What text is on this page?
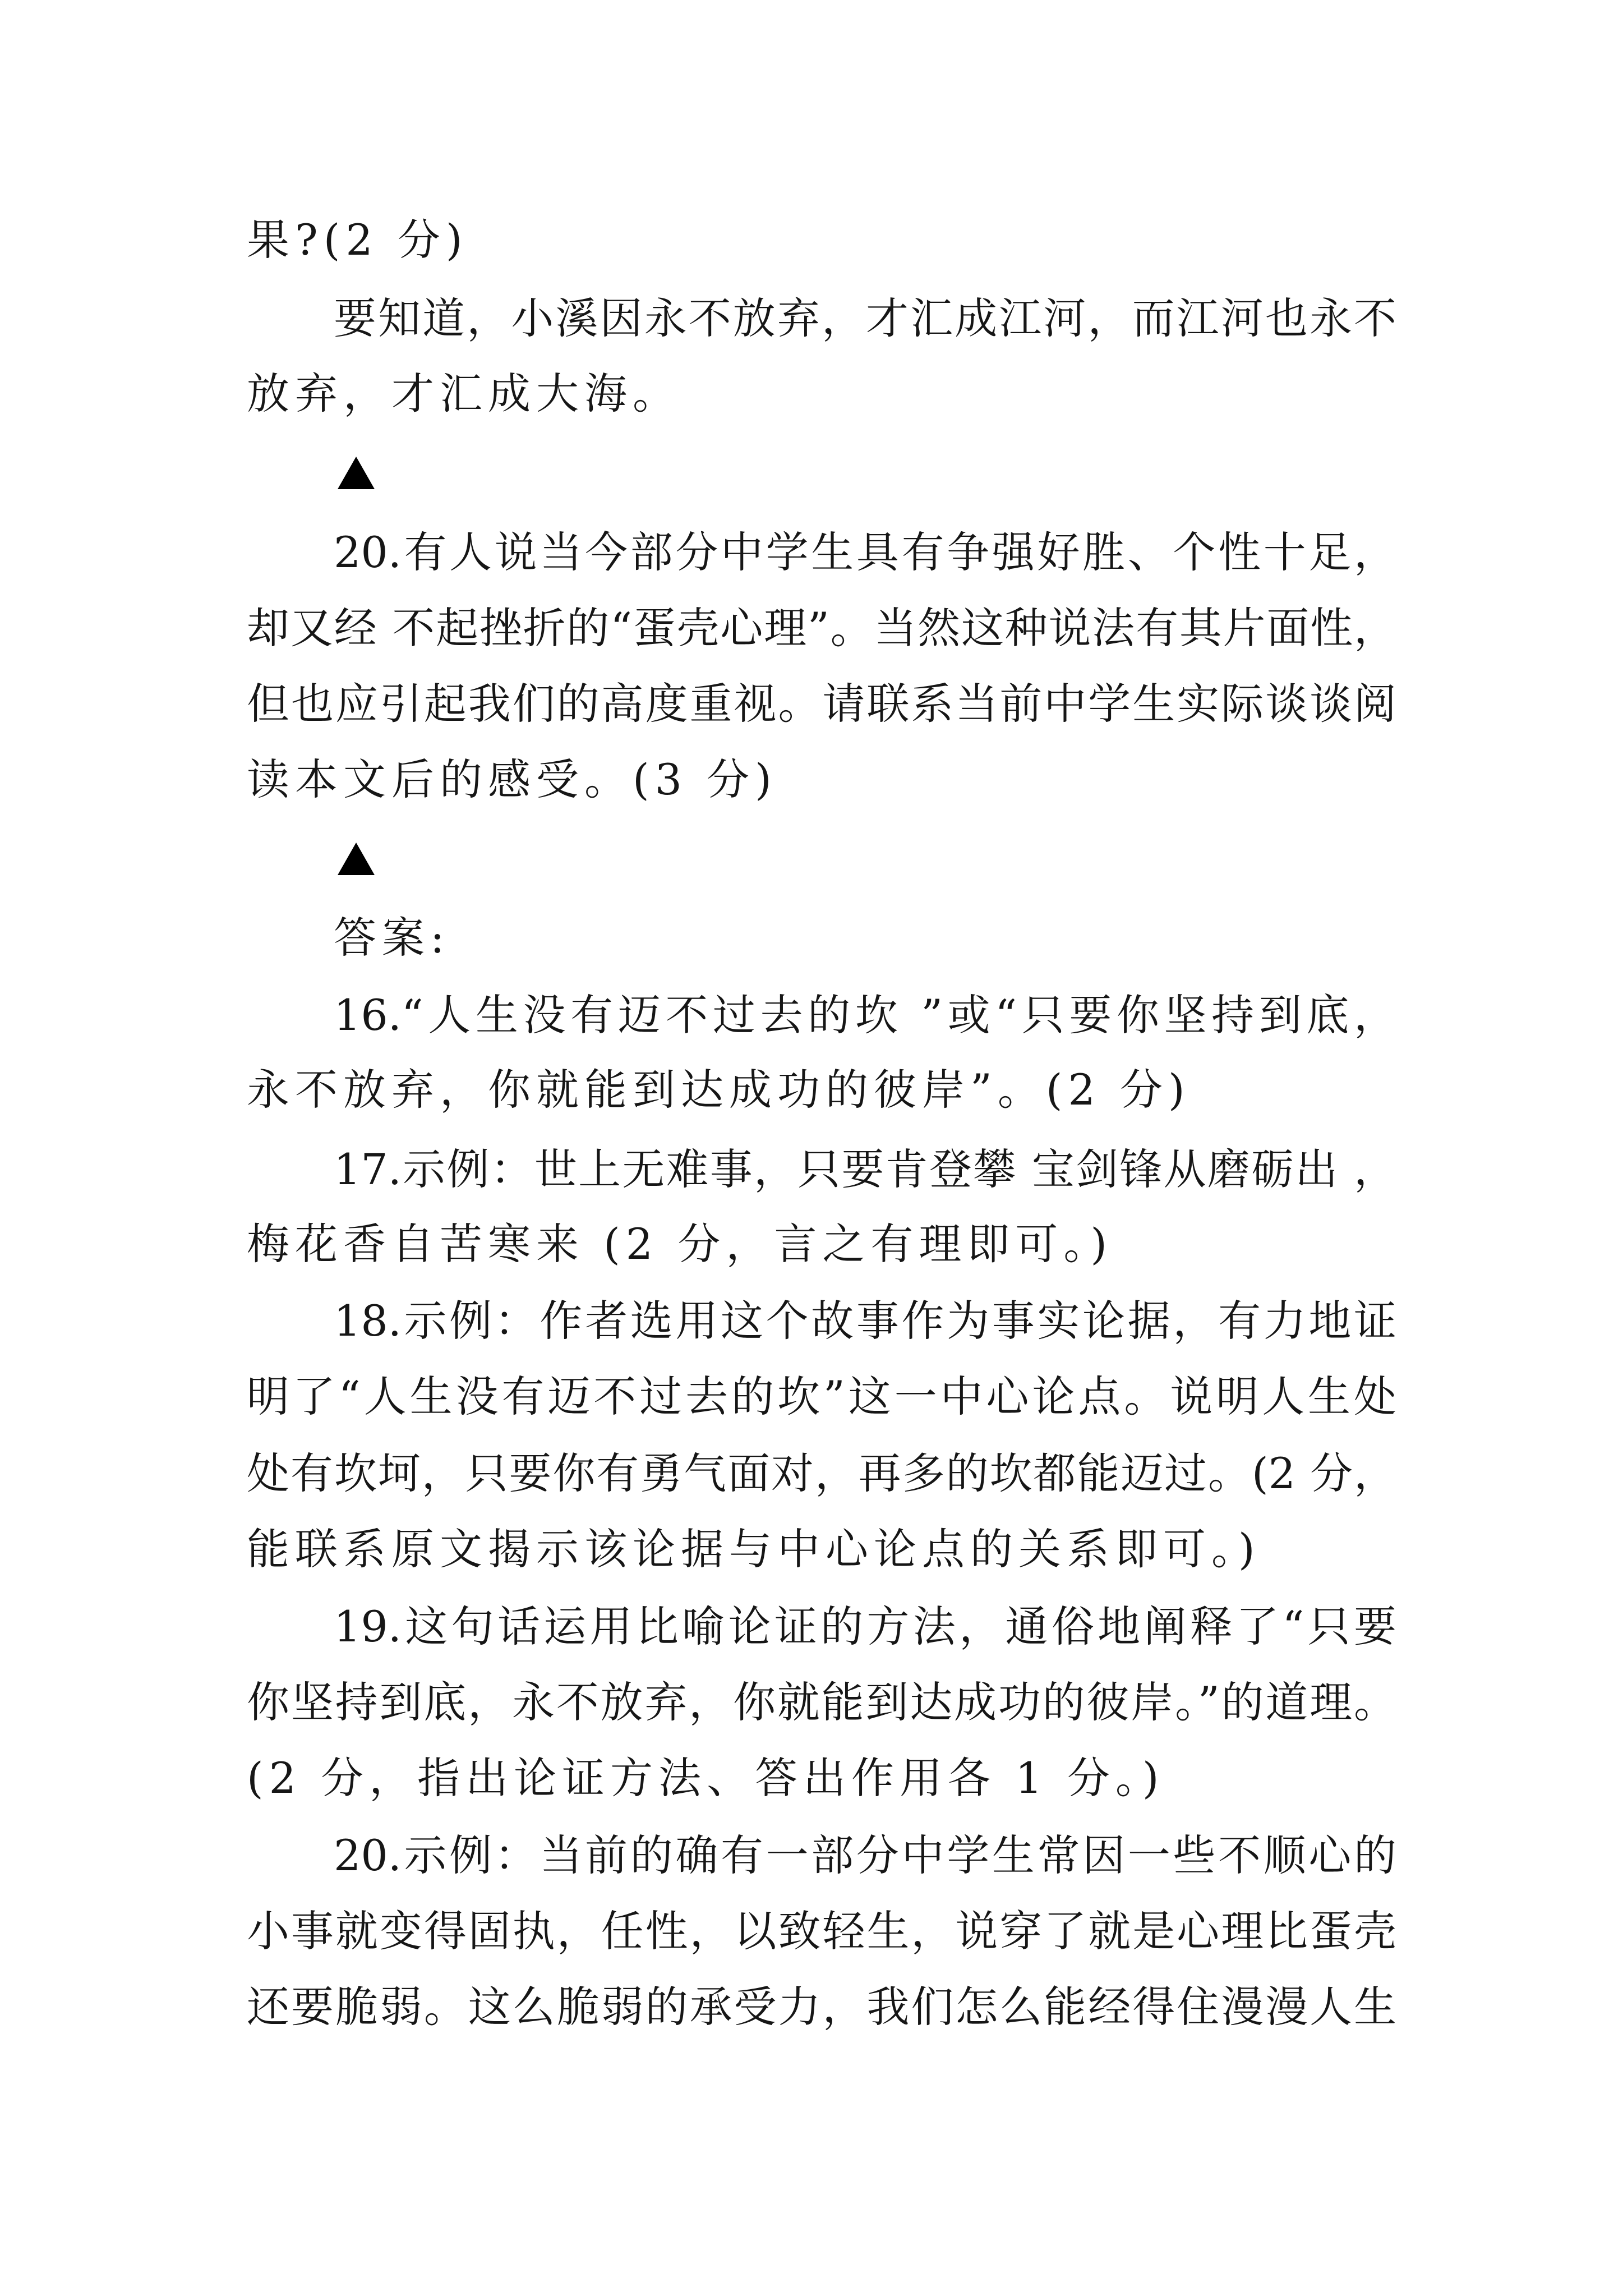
果?(2 分)

要知道，小溪因永不放弃，才汇成江河，而江河也永不

放弃，才汇成大海。

20.有人说当今部分中学生具有争强好胜、个性十足，

却又经 不起挫折的“蛋壳心理”。当然这种说法有其片面性，

但也应引起我们的高度重视。请联系当前中学生实际谈谈阅

读本文后的感受。(3 分)

答案:

16.“人生没有迈不过去的坎 ”或“只要你坚持到底，

永不放弃，你就能到达成功的彼岸”。(2 分)

17.示例：世上无难事，只要肯登攀 宝剑锋从磨砺出 ，

梅花香自苦寒来 (2 分，言之有理即可。)

18.示例：作者选用这个故事作为事实论据，有力地证

明了“人生没有迈不过去的坎”这一中心论点。说明人生处

处有坎坷，只要你有勇气面对，再多的坎都能迈过。(2 分，

能联系原文揭示该论据与中心论点的关系即可。)

19.这句话运用比喻论证的方法，通俗地阐释了“只要

你坚持到底，永不放弃，你就能到达成功的彼岸。”的道理。

(2 分，指出论证方法、答出作用各 1 分。)

20.示例：当前的确有一部分中学生常因一些不顺心的

小事就变得固执，任性，以致轻生，说穿了就是心理比蛋壳

还要脆弱。这么脆弱的承受力，我们怎么能经得住漫漫人生
